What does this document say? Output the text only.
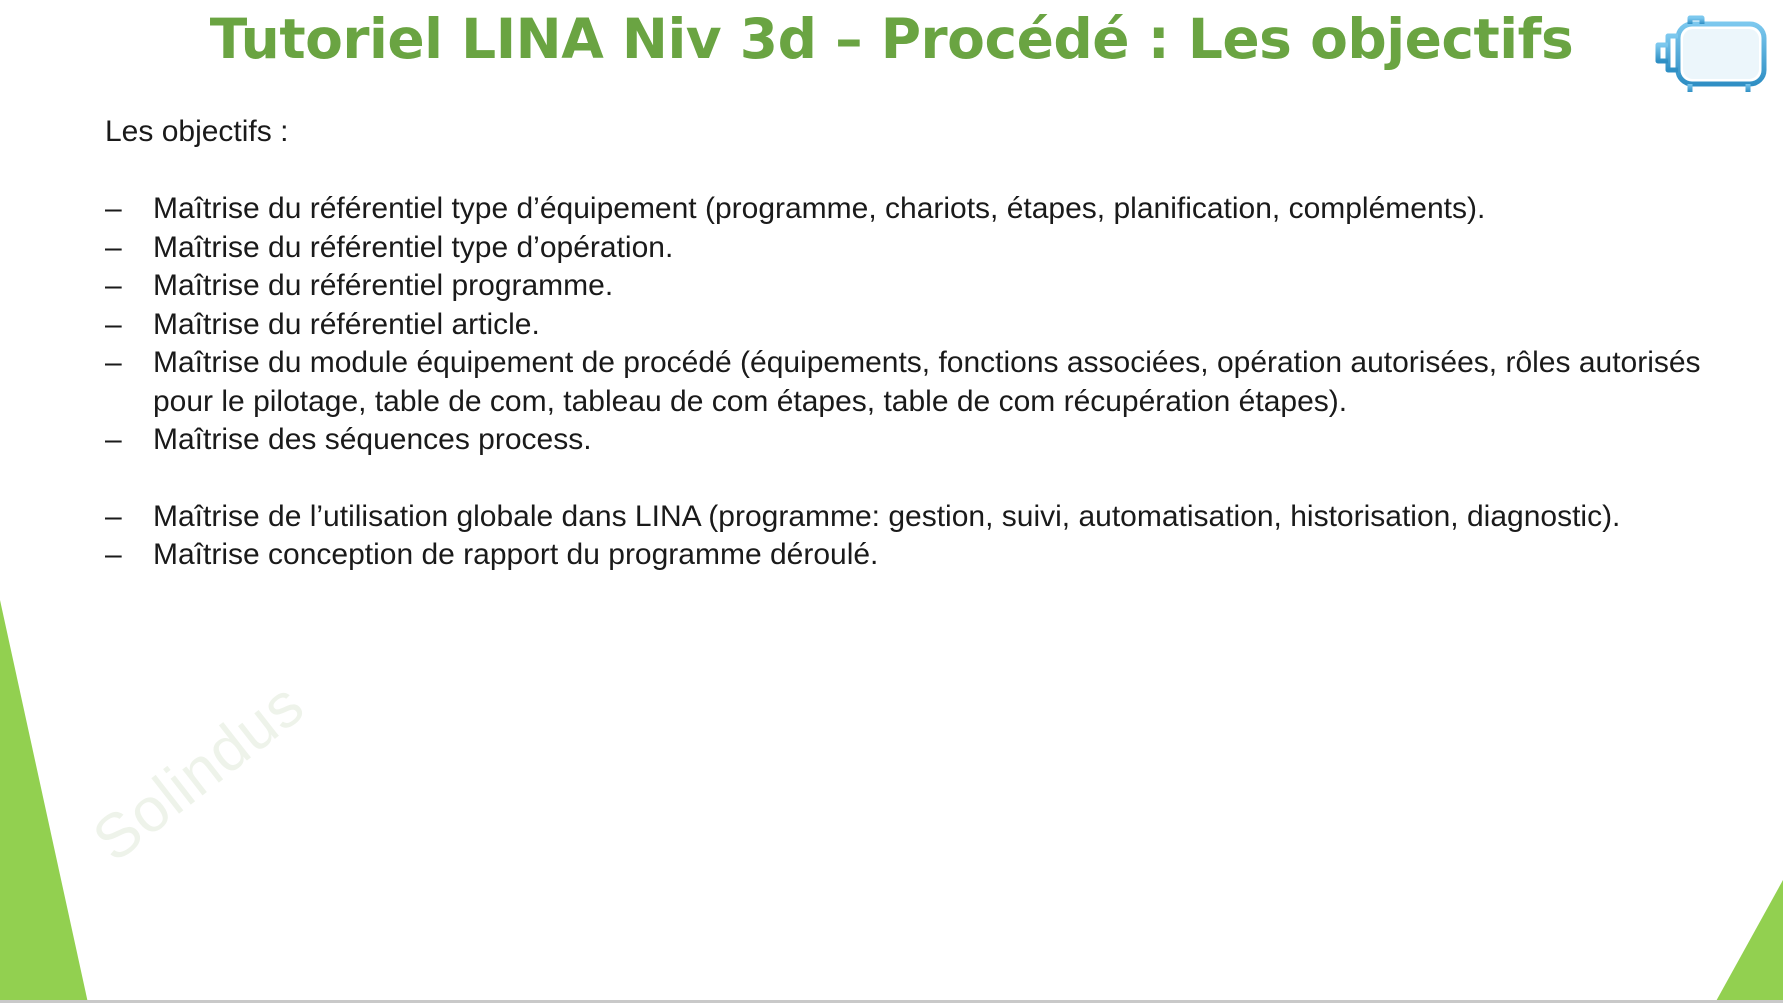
Tutoriel LINA Niv 3d – Procédé : Les objectifs
Les objectifs :
–	Maîtrise du référentiel type d’équipement (programme, chariots, étapes, planification, compléments).
–	Maîtrise du référentiel type d’opération.
–	Maîtrise du référentiel programme.
–	Maîtrise du référentiel article.
–	Maîtrise du module équipement de procédé (équipements, fonctions associées, opération autorisées, rôles autorisés pour le pilotage, table de com, tableau de com étapes, table de com récupération étapes).
–	Maîtrise des séquences process.
–	Maîtrise de l’utilisation globale dans LINA (programme: gestion, suivi, automatisation, historisation, diagnostic).
–	Maîtrise conception de rapport du programme déroulé.
Solindus
